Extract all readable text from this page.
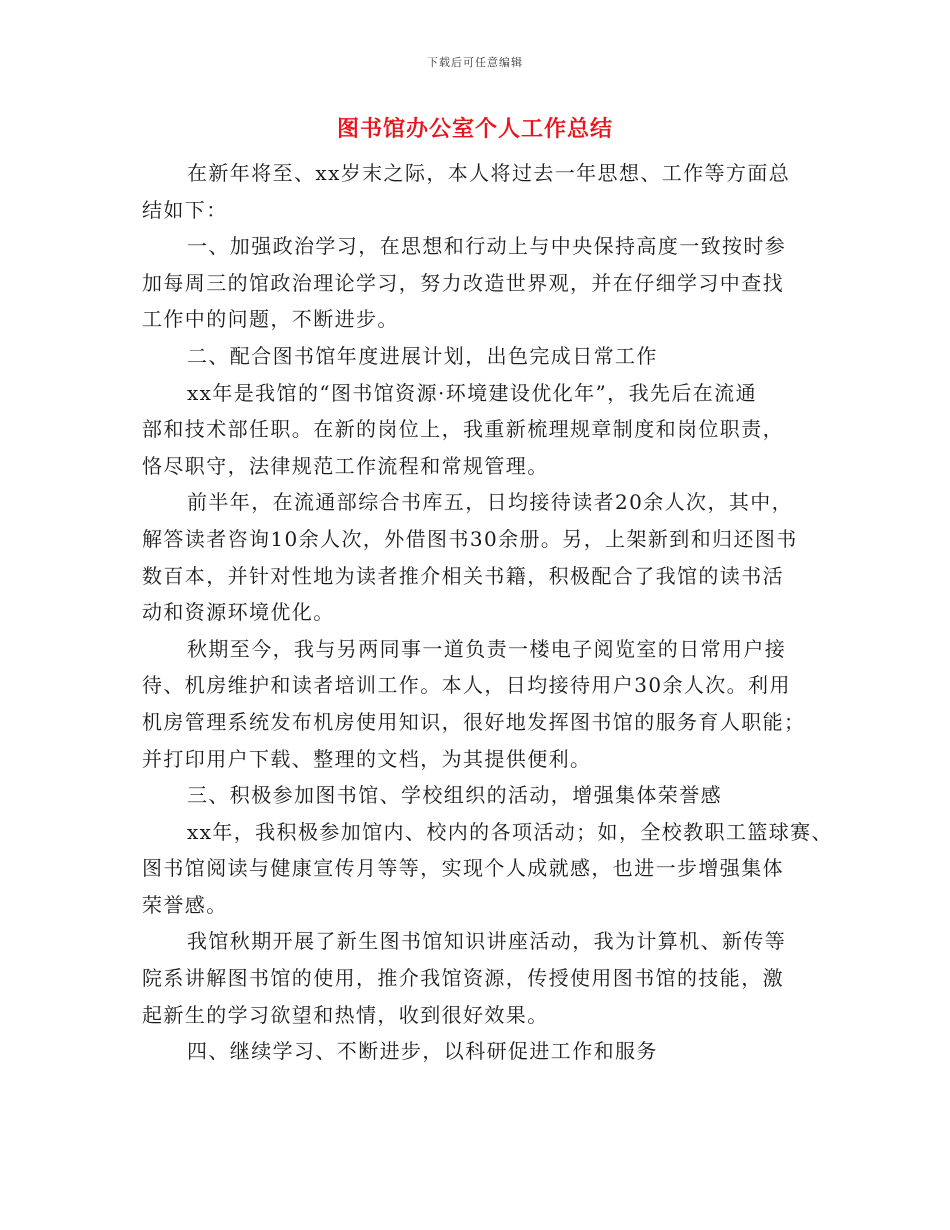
下载后可任意编辑
图书馆办公室个人工作总结
在新年将至、xx岁末之际，本人将过去一年思想、工作等方面总
结如下：
一、加强政治学习，在思想和行动上与中央保持高度一致按时参
加每周三的馆政治理论学习，努力改造世界观，并在仔细学习中查找
工作中的问题，不断进步。
二、配合图书馆年度进展计划，出色完成日常工作
xx年是我馆的“图书馆资源·环境建设优化年”，我先后在流通
部和技术部任职。在新的岗位上，我重新梳理规章制度和岗位职责，
恪尽职守，法律规范工作流程和常规管理。
前半年，在流通部综合书库五，日均接待读者20余人次，其中，
解答读者咨询10余人次，外借图书30余册。另，上架新到和归还图书
数百本，并针对性地为读者推介相关书籍，积极配合了我馆的读书活
动和资源环境优化。
秋期至今，我与另两同事一道负责一楼电子阅览室的日常用户接
待、机房维护和读者培训工作。本人，日均接待用户30余人次。利用
机房管理系统发布机房使用知识，很好地发挥图书馆的服务育人职能；
并打印用户下载、整理的文档，为其提供便利。
三、积极参加图书馆、学校组织的活动，增强集体荣誉感
xx年，我积极参加馆内、校内的各项活动；如，全校教职工篮球赛、
图书馆阅读与健康宣传月等等，实现个人成就感，也进一步增强集体
荣誉感。
我馆秋期开展了新生图书馆知识讲座活动，我为计算机、新传等
院系讲解图书馆的使用，推介我馆资源，传授使用图书馆的技能，激
起新生的学习欲望和热情，收到很好效果。
四、继续学习、不断进步，以科研促进工作和服务
